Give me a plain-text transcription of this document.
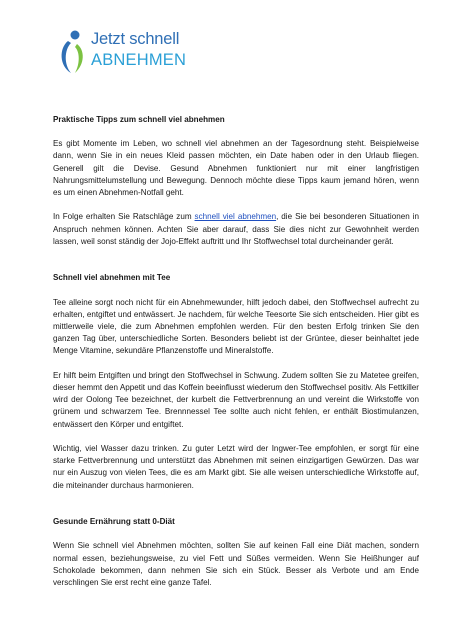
Jetzt schnell
ABNEHMEN
Praktische Tipps zum schnell viel abnehmen

Es gibt Momente im Leben, wo schnell viel abnehmen an der Tagesordnung steht. Beispielweise dann, wenn Sie in ein neues Kleid passen möchten, ein Date haben oder in den Urlaub fliegen. Generell gilt die Devise. Gesund Abnehmen funktioniert nur mit einer langfristigen Nahrungsmittelumstellung und Bewegung. Dennoch möchte diese Tipps kaum jemand hören, wenn es um einen Abnehmen-Notfall geht.

In Folge erhalten Sie Ratschläge zum schnell viel abnehmen, die Sie bei besonderen Situationen in Anspruch nehmen können. Achten Sie aber darauf, dass Sie dies nicht zur Gewohnheit werden lassen, weil sonst ständig der Jojo-Effekt auftritt und Ihr Stoffwechsel total durcheinander gerät.

Schnell viel abnehmen mit Tee

Tee alleine sorgt noch nicht für ein Abnehmewunder, hilft jedoch dabei, den Stoffwechsel aufrecht zu erhalten, entgiftet und entwässert. Je nachdem, für welche Teesorte Sie sich entscheiden. Hier gibt es mittlerweile viele, die zum Abnehmen empfohlen werden. Für den besten Erfolg trinken Sie den ganzen Tag über, unterschiedliche Sorten. Besonders beliebt ist der Grüntee, dieser beinhaltet jede Menge Vitamine, sekundäre Pflanzenstoffe und Mineralstoffe.

Er hilft beim Entgiften und bringt den Stoffwechsel in Schwung. Zudem sollten Sie zu Matetee greifen, dieser hemmt den Appetit und das Koffein beeinflusst wiederum den Stoffwechsel positiv. Als Fettkiller wird der Oolong Tee bezeichnet, der kurbelt die Fettverbrennung an und vereint die Wirkstoffe von grünem und schwarzem Tee. Brennnessel Tee sollte auch nicht fehlen, er enthält Biostimulanzen, entwässert den Körper und entgiftet.

Wichtig, viel Wasser dazu trinken. Zu guter Letzt wird der Ingwer-Tee empfohlen, er sorgt für eine starke Fettverbrennung und unterstützt das Abnehmen mit seinen einzigartigen Gewürzen. Das war nur ein Auszug von vielen Tees, die es am Markt gibt. Sie alle weisen unterschiedliche Wirkstoffe auf, die miteinander durchaus harmonieren.

Gesunde Ernährung statt 0-Diät

Wenn Sie schnell viel Abnehmen möchten, sollten Sie auf keinen Fall eine Diät machen, sondern normal essen, beziehungsweise, zu viel Fett und Süßes vermeiden. Wenn Sie Heißhunger auf Schokolade bekommen, dann nehmen Sie sich ein Stück. Besser als Verbote und am Ende verschlingen Sie erst recht eine ganze Tafel.
